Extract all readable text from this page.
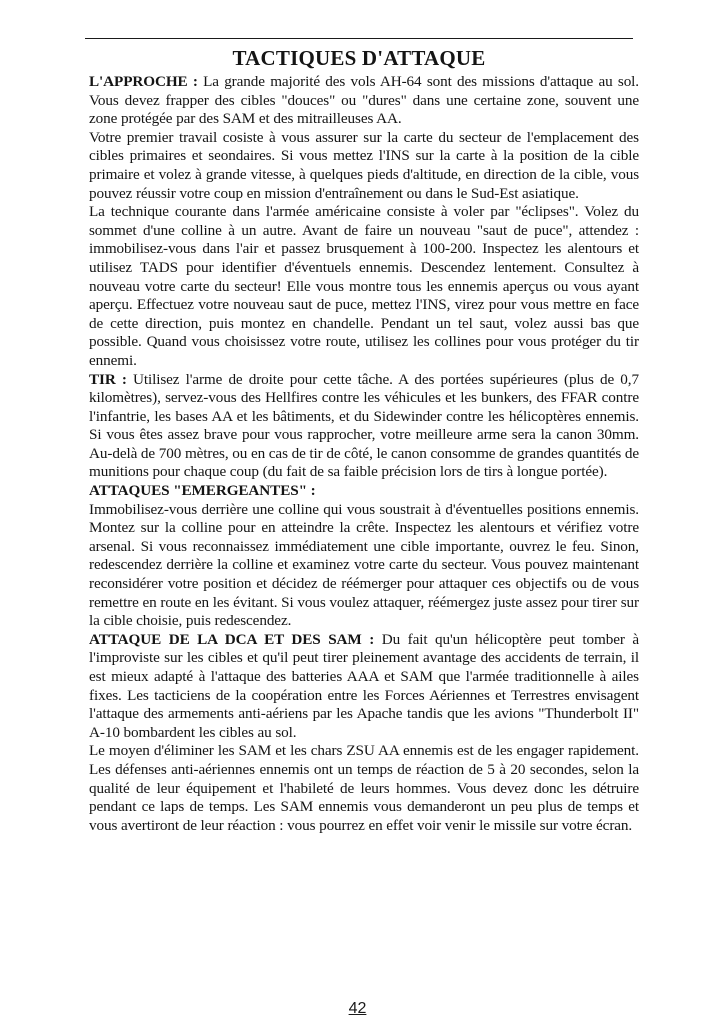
TACTIQUES D'ATTAQUE

L'APPROCHE : La grande majorité des vols AH-64 sont des missions d'attaque au sol. Vous devez frapper des cibles "douces" ou "dures" dans une certaine zone, souvent une zone protégée par des SAM et des mitrailleuses AA.

Votre premier travail cosiste à vous assurer sur la carte du secteur de l'emplacement des cibles primaires et seondaires. Si vous mettez l'INS sur la carte à la position de la cible primaire et volez à grande vitesse, à quelques pieds d'altitude, en direction de la cible, vous pouvez réussir votre coup en mission d'entraînement ou dans le Sud-Est asiatique.

La technique courante dans l'armée américaine consiste à voler par "éclipses". Volez du sommet d'une colline à un autre. Avant de faire un nouveau "saut de puce", attendez : immobilisez-vous dans l'air et passez brusquement à 100-200. Inspectez les alentours et utilisez TADS pour identifier d'éventuels ennemis. Descendez lentement. Consultez à nouveau votre carte du secteur! Elle vous montre tous les ennemis aperçus ou vous ayant aperçu. Effectuez votre nouveau saut de puce, mettez l'INS, virez pour vous mettre en face de cette direction, puis montez en chandelle. Pendant un tel saut, volez aussi bas que possible. Quand vous choisissez votre route, utilisez les collines pour vous protéger du tir ennemi.

TIR : Utilisez l'arme de droite pour cette tâche. A des portées supérieures (plus de 0,7 kilomètres), servez-vous des Hellfires contre les véhicules et les bunkers, des FFAR contre l'infantrie, les bases AA et les bâtiments, et du Sidewinder contre les hélicoptères ennemis. Si vous êtes assez brave pour vous rapprocher, votre meilleure arme sera la canon 30mm. Au-delà de 700 mètres, ou en cas de tir de côté, le canon consomme de grandes quantités de munitions pour chaque coup (du fait de sa faible précision lors de tirs à longue portée).

ATTAQUES "EMERGEANTES" :

Immobilisez-vous derrière une colline qui vous soustrait à d'éventuelles positions ennemis. Montez sur la colline pour en atteindre la crête. Inspectez les alentours et vérifiez votre arsenal. Si vous reconnaissez immédiatement une cible importante, ouvrez le feu. Sinon, redescendez derrière la colline et examinez votre carte du secteur. Vous pouvez maintenant reconsidérer votre position et décidez de réémerger pour attaquer ces objectifs ou de vous remettre en route en les évitant. Si vous voulez attaquer, réémergez juste assez pour tirer sur la cible choisie, puis redescendez.

ATTAQUE DE LA DCA ET DES SAM : Du fait qu'un hélicoptère peut tomber à l'improviste sur les cibles et qu'il peut tirer pleinement avantage des accidents de terrain, il est mieux adapté à l'attaque des batteries AAA et SAM que l'armée traditionnelle à ailes fixes. Les tacticiens de la coopération entre les Forces Aériennes et Terrestres envisagent l'attaque des armements anti-aériens par les Apache tandis que les avions "Thunderbolt II" A-10 bombardent les cibles au sol.

Le moyen d'éliminer les SAM et les chars ZSU AA ennemis est de les engager rapidement. Les défenses anti-aériennes ennemis ont un temps de réaction de 5 à 20 secondes, selon la qualité de leur équipement et l'habileté de leurs hommes. Vous devez donc les détruire pendant ce laps de temps. Les SAM ennemis vous demanderont un peu plus de temps et vous avertiront de leur réaction : vous pourrez en effet voir venir le missile sur votre écran.

42
